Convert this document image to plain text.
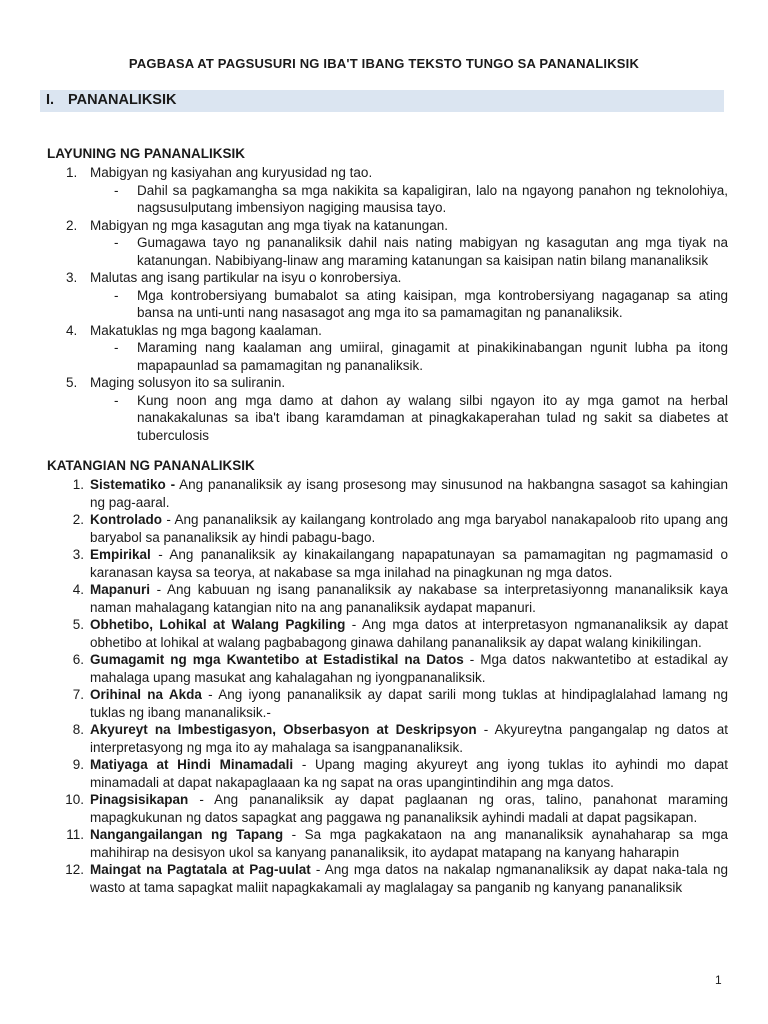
PAGBASA AT PAGSUSURI NG IBA'T IBANG TEKSTO TUNGO SA PANANALIKSIK
I. PANANALIKSIK
LAYUNING NG PANANALIKSIK
1. Mabigyan ng kasiyahan ang kuryusidad ng tao.
- Dahil sa pagkamangha sa mga nakikita sa kapaligiran, lalo na ngayong panahon ng teknolohiya, nagsusulputang imbensiyon nagiging mausisa tayo.
2. Mabigyan ng mga kasagutan ang mga tiyak na katanungan.
- Gumagawa tayo ng pananaliksik dahil nais nating mabigyan ng kasagutan ang mga tiyak na katanungan. Nabibiyang-linaw ang maraming katanungan sa kaisipan natin bilang mananaliksik
3. Malutas ang isang partikular na isyu o konrobersiya.
- Mga kontrobersiyang bumabalot sa ating kaisipan, mga kontrobersiyang nagaganap sa ating bansa na unti-unti nang nasasagot ang mga ito sa pamamagitan ng pananaliksik.
4. Makatuklas ng mga bagong kaalaman.
- Maraming nang kaalaman ang umiiral, ginagamit at pinakikinabangan ngunit lubha pa itong mapapaunlad sa pamamagitan ng pananaliksik.
5. Maging solusyon ito sa suliranin.
- Kung noon ang mga damo at dahon ay walang silbi ngayon ito ay mga gamot na herbal nanakakalunas sa iba't ibang karamdaman at pinagkakaperahan tulad ng sakit sa diabetes at tuberculosis
KATANGIAN NG PANANALIKSIK
1. Sistematiko - Ang pananaliksik ay isang prosesong may sinusunod na hakbangna sasagot sa kahingian ng pag-aaral.
2. Kontrolado - Ang pananaliksik ay kailangang kontrolado ang mga baryabol nanakapaloob rito upang ang baryabol sa pananaliksik ay hindi pabagu-bago.
3. Empirikal - Ang pananaliksik ay kinakailangang napapatunayan sa pamamagitan ng pagmamasid o karanasan kaysa sa teorya, at nakabase sa mga inilahad na pinagkunan ng mga datos.
4. Mapanuri - Ang kabuuan ng isang pananaliksik ay nakabase sa interpretasiyonng mananaliksik kaya naman mahalagang katangian nito na ang pananaliksik aydapat mapanuri.
5. Obhetibo, Lohikal at Walang Pagkiling - Ang mga datos at interpretasyon ngmananaliksik ay dapat obhetibo at lohikal at walang pagbabagong ginawa dahilang pananaliksik ay dapat walang kinikilingan.
6. Gumagamit ng mga Kwantetibo at Estadistikal na Datos - Mga datos nakwantetibo at estadikal ay mahalaga upang masukat ang kahalagahan ng iyongpananaliksik.
7. Orihinal na Akda - Ang iyong pananaliksik ay dapat sarili mong tuklas at hindipaglalahad lamang ng tuklas ng ibang mananaliksik.-
8. Akyureyt na Imbestigasyon, Obserbasyon at Deskripsyon - Akyureytna pangangalap ng datos at interpretasyong ng mga ito ay mahalaga sa isangpananaliksik.
9. Matiyaga at Hindi Minamadali - Upang maging akyureyt ang iyong tuklas ito ayhindi mo dapat minamadali at dapat nakapaglaaan ka ng sapat na oras upangintindihin ang mga datos.
10. Pinagsisikapan - Ang pananaliksik ay dapat paglaanan ng oras, talino, panahonat maraming mapagkukunan ng datos sapagkat ang paggawa ng pananaliksik ayhindi madali at dapat pagsikapan.
11. Nangangailangan ng Tapang - Sa mga pagkakataon na ang mananaliksik aynahaharap sa mga mahihirap na desisyon ukol sa kanyang pananaliksik, ito aydapat matapang na kanyang haharapin
12. Maingat na Pagtatala at Pag-uulat - Ang mga datos na nakalap ngmananaliksik ay dapat naka-tala ng wasto at tama sapagkat maliit napagkakamali ay maglalagay sa panganib ng kanyang pananaliksik
1
